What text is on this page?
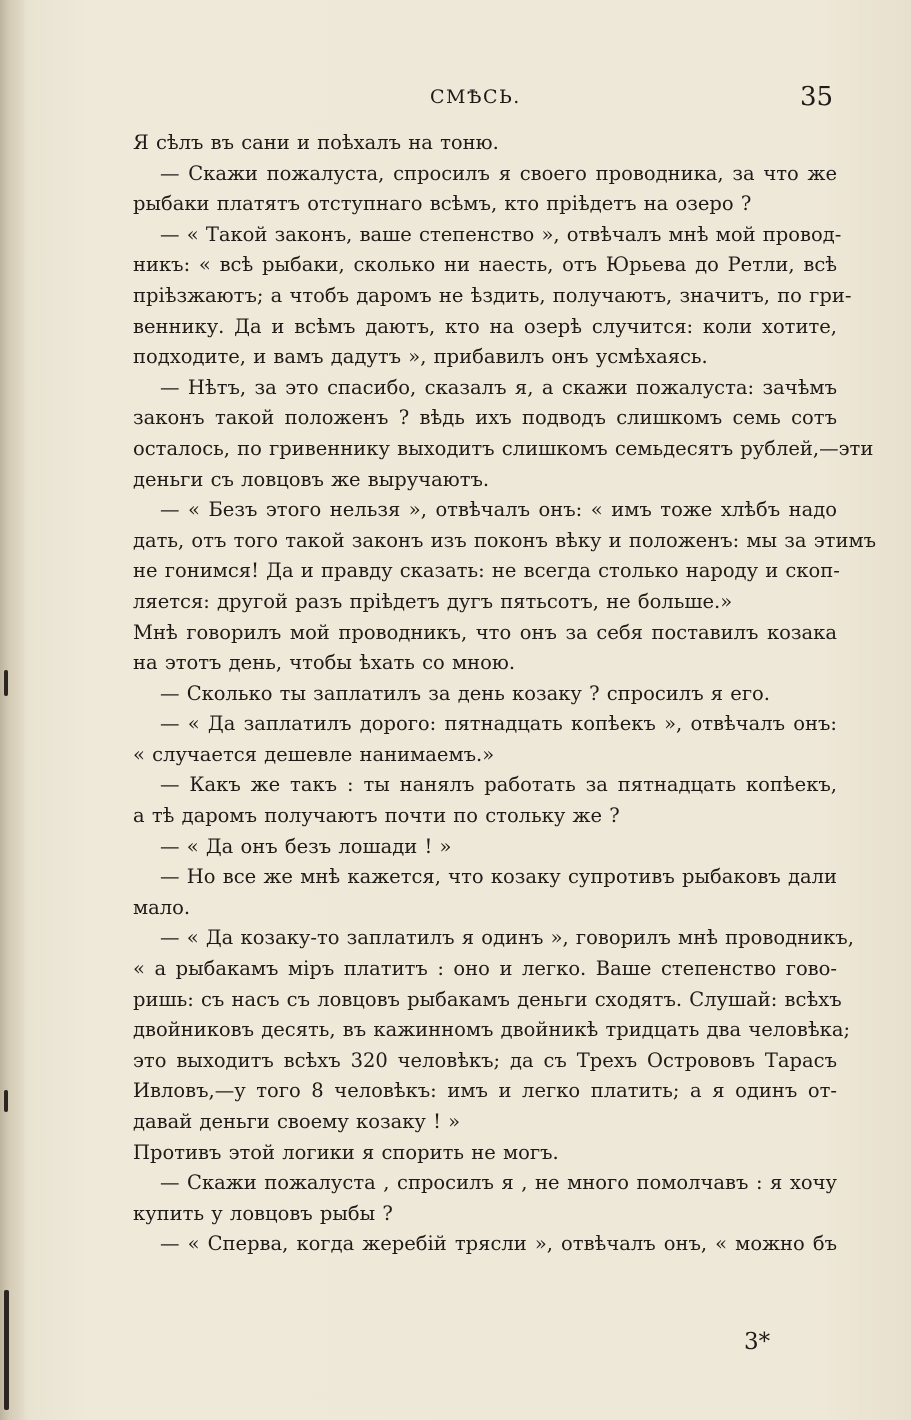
СМѢСЬ.	35
Я сѣлъ въ сани и поѣхалъ на тоню.
— Скажи пожалуста, спросилъ я своего проводника, за что же
рыбаки платятъ отступнаго всѣмъ, кто пріѣдетъ на озеро ?
— « Такой законъ, ваше степенство », отвѣчалъ мнѣ мой провод-
никъ: « всѣ рыбаки, сколько ни наесть, отъ Юрьева до Ретли, всѣ
пріѣзжаютъ; а чтобъ даромъ не ѣздить, получаютъ, значитъ, по гри-
веннику. Да и всѣмъ даютъ, кто на озерѣ случится: коли хотите,
подходите, и вамъ дадутъ », прибавилъ онъ усмѣхаясь.
— Нѣтъ, за это спасибо, сказалъ я, а скажи пожалуста: зачѣмъ
законъ такой положенъ ? вѣдь ихъ подводъ слишкомъ семь сотъ
осталось, по гривеннику выходитъ слишкомъ семьдесятъ рублей,—эти
деньги съ ловцовъ же выручаютъ.
— « Безъ этого нельзя », отвѣчалъ онъ: « имъ тоже хлѣбъ надо
дать, отъ того такой законъ изъ поконъ вѣку и положенъ: мы за этимъ
не гонимся! Да и правду сказать: не всегда столько народу и скоп-
ляется: другой разъ пріѣдетъ дугъ пятьсотъ, не больше.»
Мнѣ говорилъ мой проводникъ, что онъ за себя поставилъ козака
на этотъ день, чтобы ѣхать со мною.
— Сколько ты заплатилъ за день козаку ? спросилъ я его.
— « Да заплатилъ дорого: пятнадцать копѣекъ », отвѣчалъ онъ:
« случается дешевле нанимаемъ.»
— Какъ же такъ : ты нанялъ работать за пятнадцать копѣекъ,
а тѣ даромъ получаютъ почти по стольку же ?
— « Да онъ безъ лошади ! »
— Но все же мнѣ кажется, что козаку супротивъ рыбаковъ дали
мало.
— « Да козаку-то заплатилъ я одинъ », говорилъ мнѣ проводникъ,
« а рыбакамъ міръ платитъ : оно и легко. Ваше степенство гово-
ришь: съ насъ съ ловцовъ рыбакамъ деньги сходятъ. Слушай: всѣхъ
двойниковъ десять, въ кажинномъ двойникѣ тридцать два человѣка;
это выходитъ всѣхъ 320 человѣкъ; да съ Трехъ Острововъ Тарасъ
Ивловъ,—у того 8 человѣкъ: имъ и легко платить; а я одинъ от-
давай деньги своему козаку ! »
Противъ этой логики я спорить не могъ.
— Скажи пожалуста , спросилъ я , не много помолчавъ : я хочу
купить у ловцовъ рыбы ?
— « Сперва, когда жеребій трясли », отвѣчалъ онъ, « можно бъ
3*
